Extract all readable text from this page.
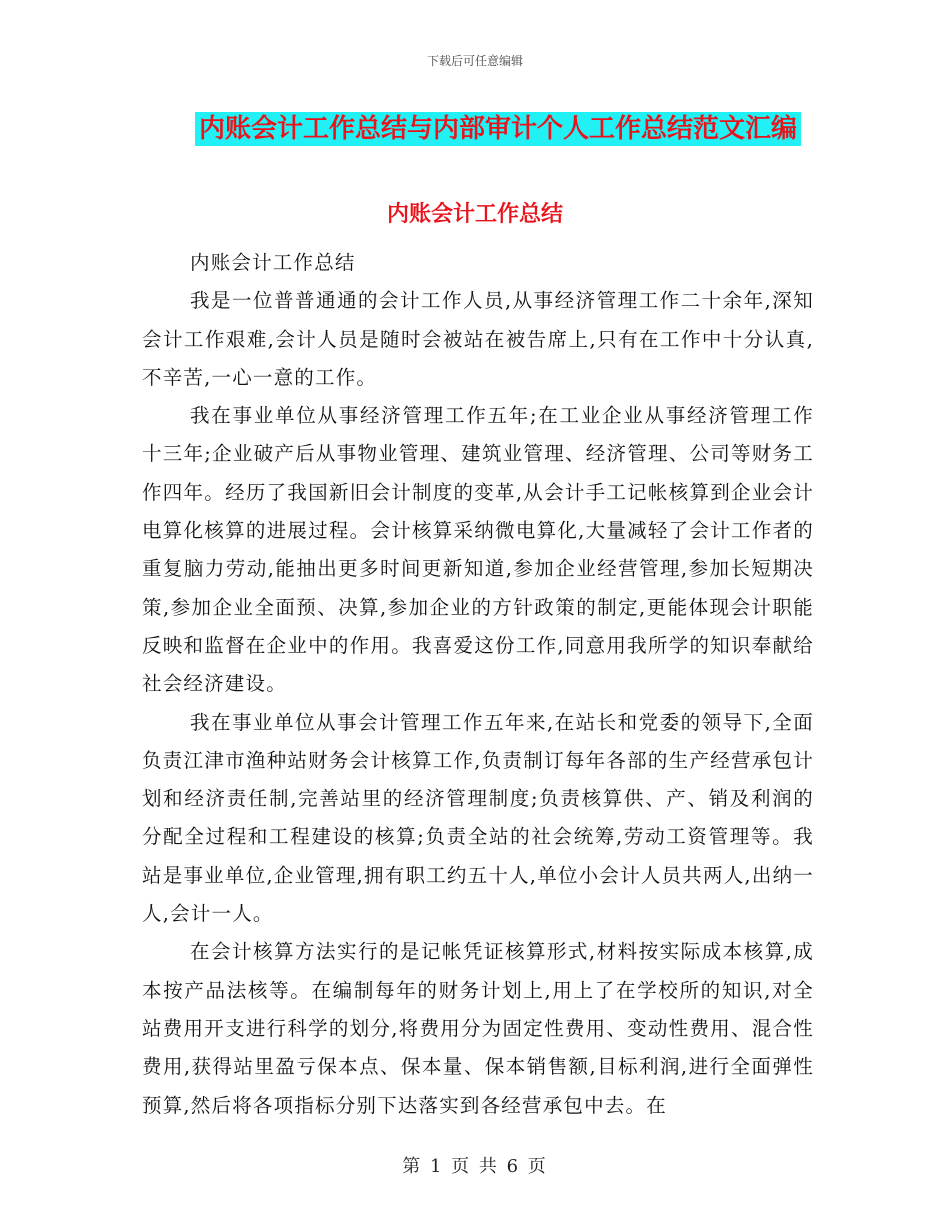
下载后可任意编辑
内账会计工作总结与内部审计个人工作总结范文汇编
内账会计工作总结

内账会计工作总结

我是一位普普通通的会计工作人员,从事经济管理工作二十余年,深知会计工作艰难,会计人员是随时会被站在被告席上,只有在工作中十分认真,不辛苦,一心一意的工作。

我在事业单位从事经济管理工作五年;在工业企业从事经济管理工作十三年;企业破产后从事物业管理、建筑业管理、经济管理、公司等财务工作四年。经历了我国新旧会计制度的变革,从会计手工记帐核算到企业会计电算化核算的进展过程。会计核算采纳微电算化,大量减轻了会计工作者的重复脑力劳动,能抽出更多时间更新知道,参加企业经营管理,参加长短期决策,参加企业全面预、决算,参加企业的方针政策的制定,更能体现会计职能反映和监督在企业中的作用。我喜爱这份工作,同意用我所学的知识奉献给社会经济建设。

我在事业单位从事会计管理工作五年来,在站长和党委的领导下,全面负责江津市渔种站财务会计核算工作,负责制订每年各部的生产经营承包计划和经济责任制,完善站里的经济管理制度;负责核算供、产、销及利润的分配全过程和工程建设的核算;负责全站的社会统筹,劳动工资管理等。我站是事业单位,企业管理,拥有职工约五十人,单位小会计人员共两人,出纳一人,会计一人。

在会计核算方法实行的是记帐凭证核算形式,材料按实际成本核算,成本按产品法核等。在编制每年的财务计划上,用上了在学校所的知识,对全站费用开支进行科学的划分,将费用分为固定性费用、变动性费用、混合性费用,获得站里盈亏保本点、保本量、保本销售额,目标利润,进行全面弹性预算,然后将各项指标分别下达落实到各经营承包中去。在

第 1 页 共 6 页
